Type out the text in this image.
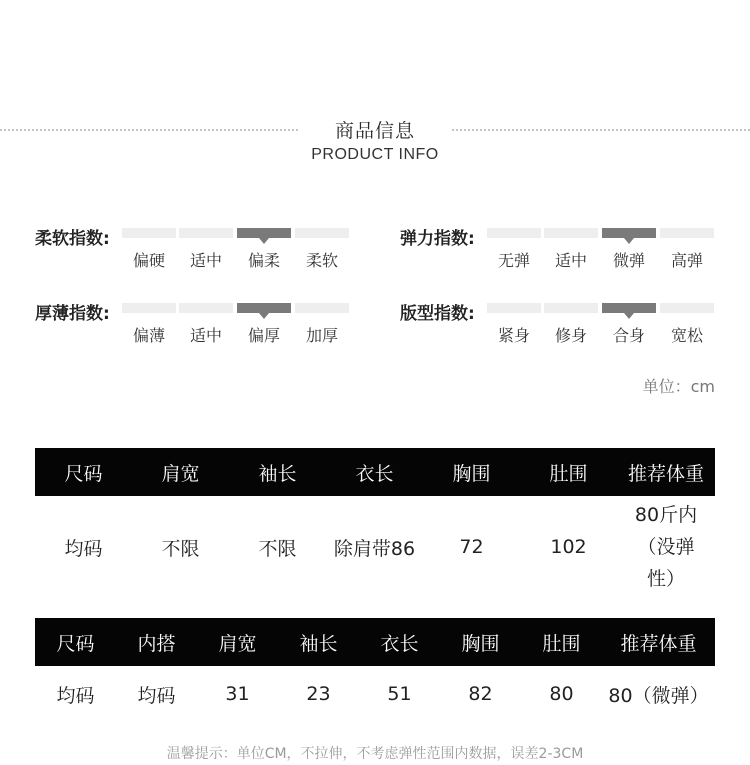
商品信息
PRODUCT INFO
柔软指数:
偏硬	适中	偏柔	柔软
弹力指数:
无弹	适中	微弹	高弹
厚薄指数:
偏薄	适中	偏厚	加厚
版型指数:
紧身	修身	合身	宽松
单位：cm
尺码	肩宽	袖长	衣长	胸围	肚围	推荐体重
均码	不限	不限	除肩带86	72	102	80斤内（没弹性）
尺码	内搭	肩宽	袖长	衣长	胸围	肚围	推荐体重
均码	均码	31	23	51	82	80	80（微弹）
温馨提示：单位CM，不拉伸，不考虑弹性范围内数据，误差2-3CM
